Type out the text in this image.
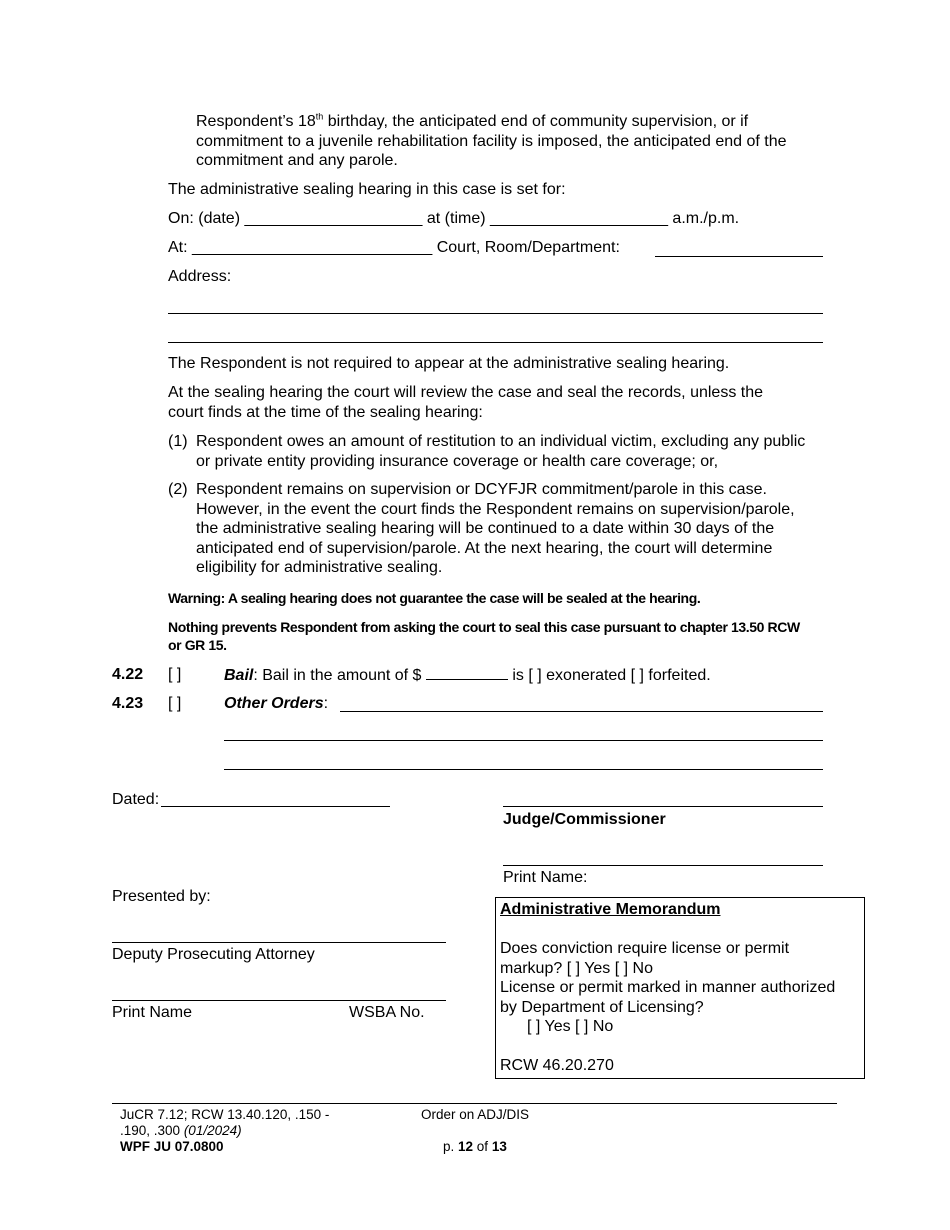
Respondent’s 18th birthday, the anticipated end of community supervision, or if
commitment to a juvenile rehabilitation facility is imposed, the anticipated end of the
commitment and any parole.
The administrative sealing hearing in this case is set for:
On: (date) ____________________ at (time) ____________________ a.m./p.m.
At: ___________________________ Court, Room/Department:
Address:
The Respondent is not required to appear at the administrative sealing hearing.
At the sealing hearing the court will review the case and seal the records, unless the
court finds at the time of the sealing hearing:
(1) Respondent owes an amount of restitution to an individual victim, excluding any public
or private entity providing insurance coverage or health care coverage; or,
(2) Respondent remains on supervision or DCYFJR commitment/parole in this case.
However, in the event the court finds the Respondent remains on supervision/parole,
the administrative sealing hearing will be continued to a date within 30 days of the
anticipated end of supervision/parole. At the next hearing, the court will determine
eligibility for administrative sealing.
Warning: A sealing hearing does not guarantee the case will be sealed at the hearing.
Nothing prevents Respondent from asking the court to seal this case pursuant to chapter 13.50 RCW
or GR 15.
4.22 [ ]	Bail: Bail in the amount of $	is [ ] exonerated [ ] forfeited.
4.23 [ ]	Other Orders:
Dated:
Judge/Commissioner
Print Name:
Presented by:
Deputy Prosecuting Attorney
Print Name	WSBA No.
Administrative Memorandum
Does conviction require license or permit
markup? [ ] Yes [ ] No
License or permit marked in manner authorized
by Department of Licensing?
[ ] Yes [ ] No
RCW 46.20.270
JuCR 7.12; RCW 13.40.120, .150 -
.190, .300 (01/2024)
WPF JU 07.0800
Order on ADJ/DIS
p. 12 of 13
